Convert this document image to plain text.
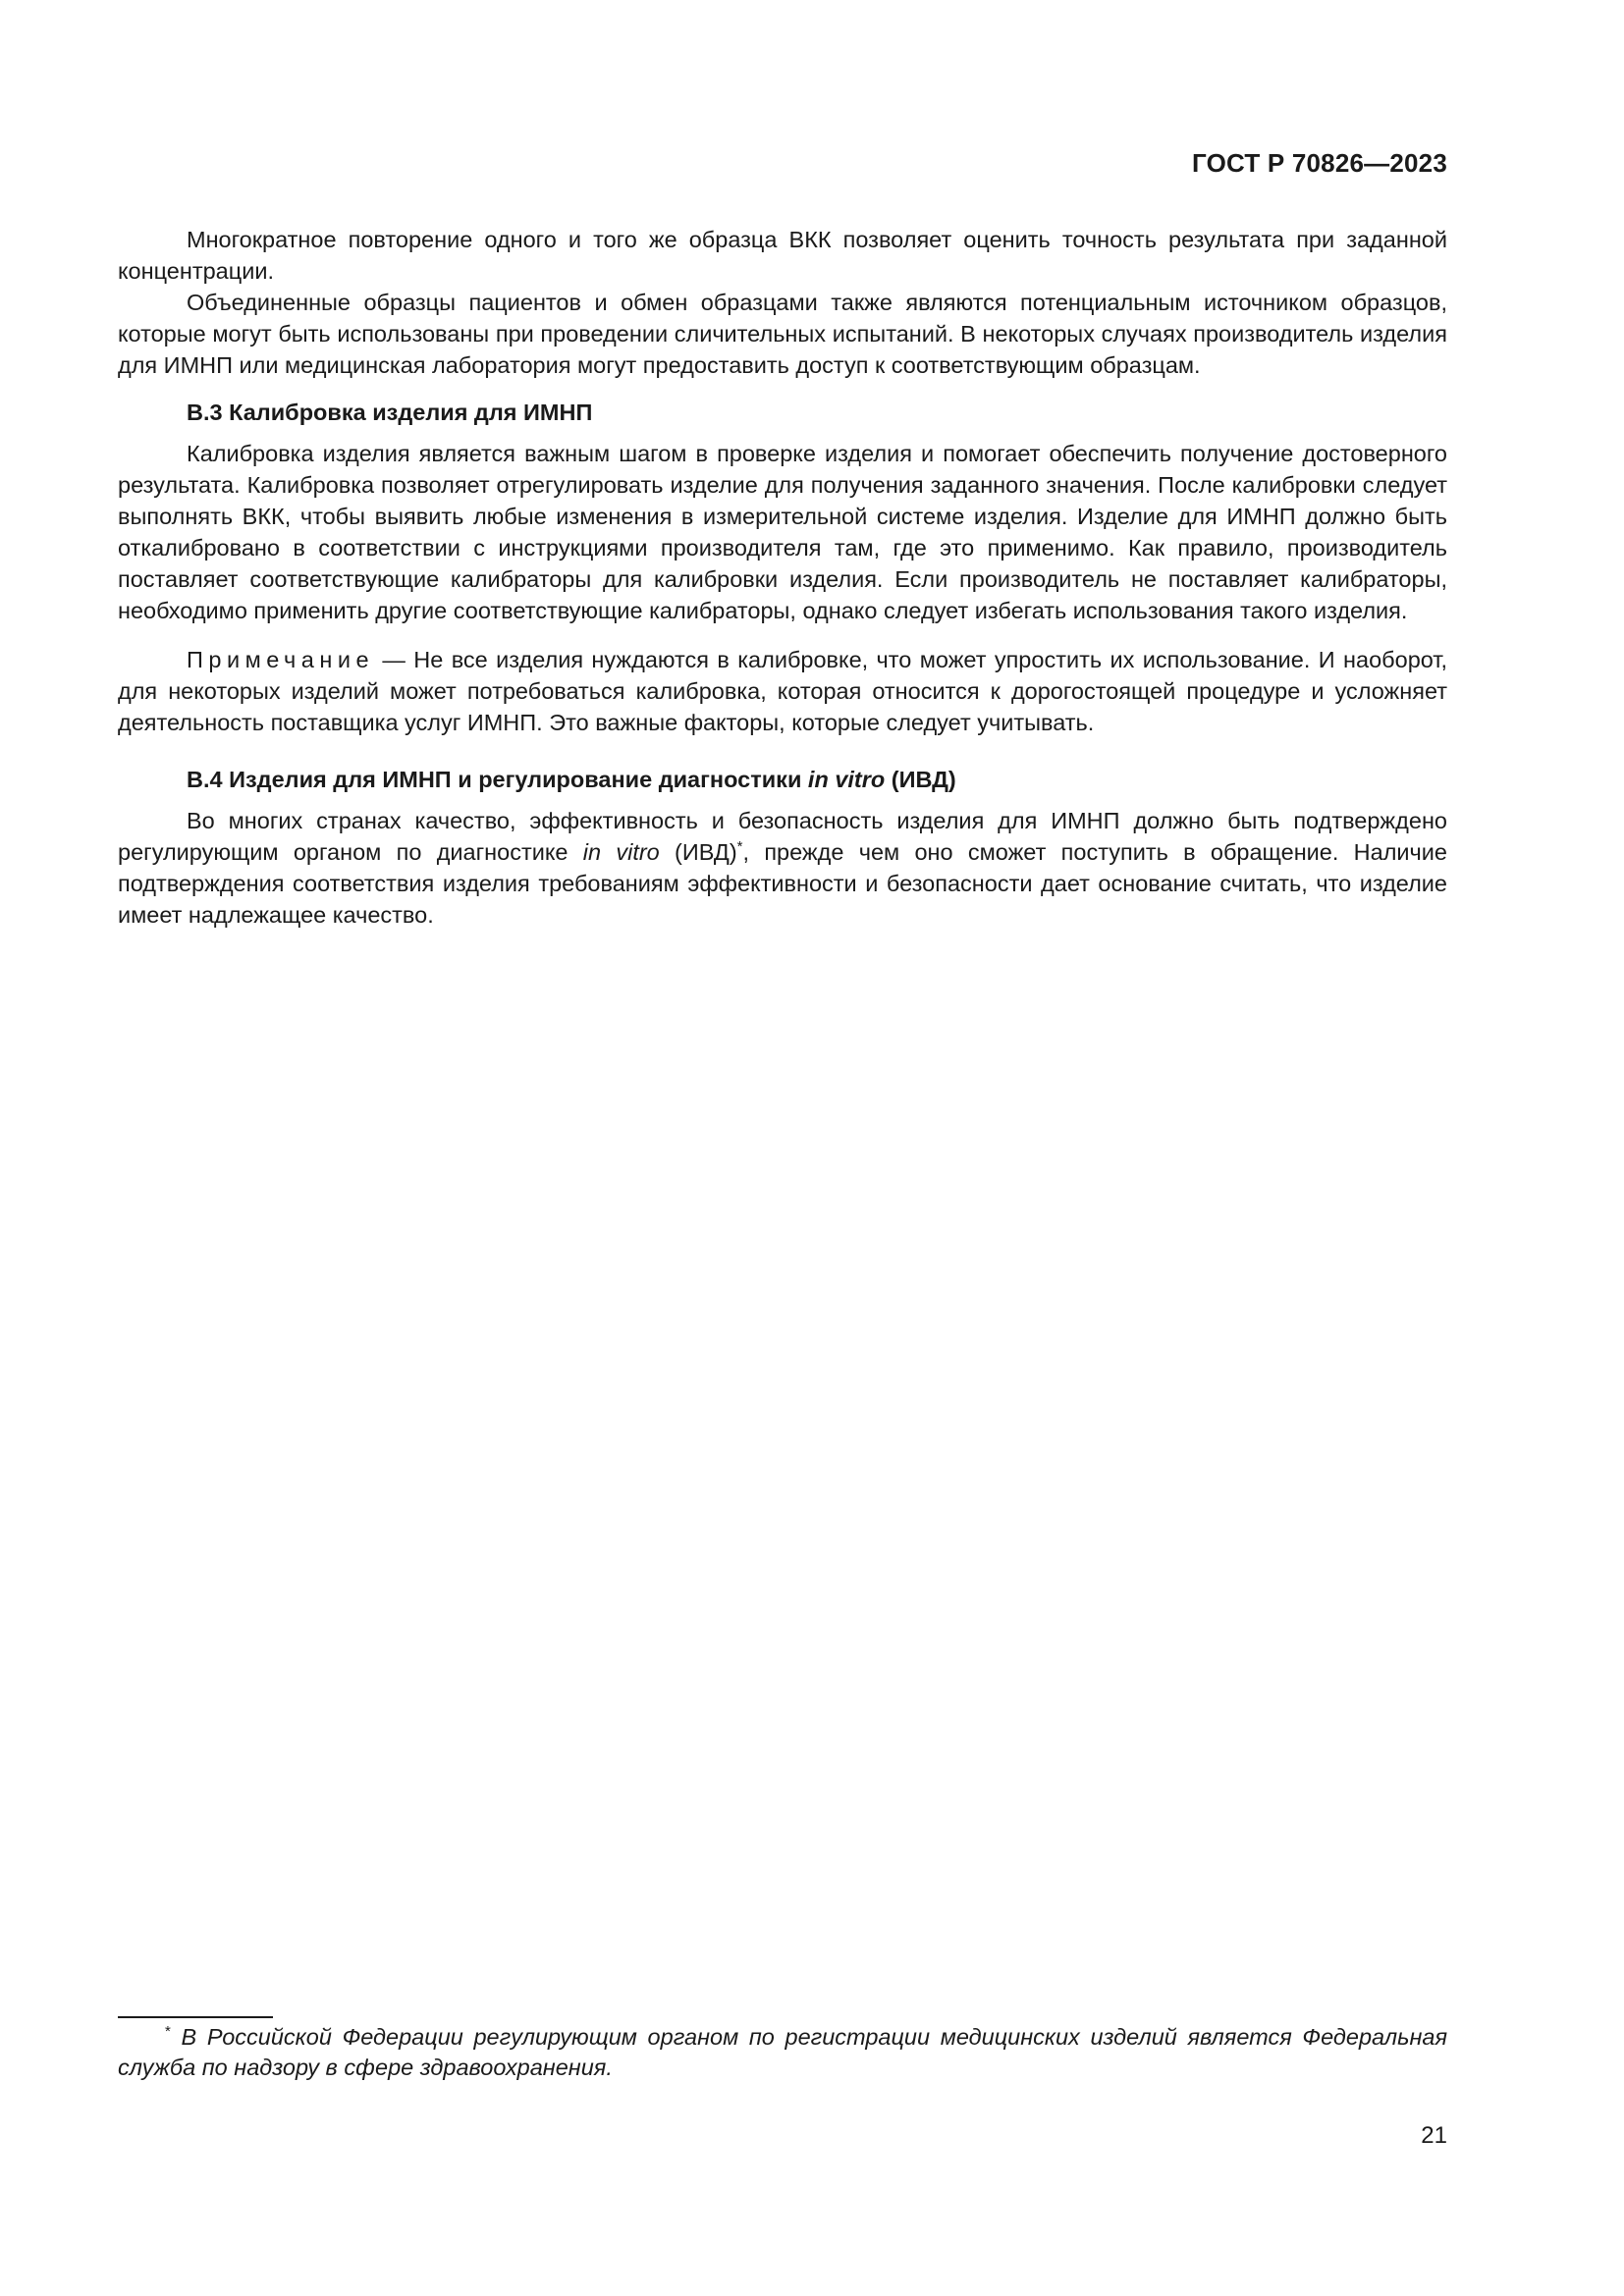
ГОСТ Р 70826—2023

Многократное повторение одного и того же образца ВКК позволяет оценить точность результата при заданной концентрации.

Объединенные образцы пациентов и обмен образцами также являются потенциальным источником образцов, которые могут быть использованы при проведении сличительных испытаний. В некоторых случаях производитель изделия для ИМНП или медицинская лаборатория могут предоставить доступ к соответствующим образцам.

В.3 Калибровка изделия для ИМНП

Калибровка изделия является важным шагом в проверке изделия и помогает обеспечить получение достоверного результата. Калибровка позволяет отрегулировать изделие для получения заданного значения. После калибровки следует выполнять ВКК, чтобы выявить любые изменения в измерительной системе изделия. Изделие для ИМНП должно быть откалибровано в соответствии с инструкциями производителя там, где это применимо. Как правило, производитель поставляет соответствующие калибраторы для калибровки изделия. Если производитель не поставляет калибраторы, необходимо применить другие соответствующие калибраторы, однако следует избегать использования такого изделия.

Примечание — Не все изделия нуждаются в калибровке, что может упростить их использование. И наоборот, для некоторых изделий может потребоваться калибровка, которая относится к дорогостоящей процедуре и усложняет деятельность поставщика услуг ИМНП. Это важные факторы, которые следует учитывать.

В.4 Изделия для ИМНП и регулирование диагностики in vitro (ИВД)

Во многих странах качество, эффективность и безопасность изделия для ИМНП должно быть подтверждено регулирующим органом по диагностике in vitro (ИВД)*, прежде чем оно сможет поступить в обращение. Наличие подтверждения соответствия изделия требованиям эффективности и безопасности дает основание считать, что изделие имеет надлежащее качество.

* В Российской Федерации регулирующим органом по регистрации медицинских изделий является Федеральная служба по надзору в сфере здравоохранения.
21
